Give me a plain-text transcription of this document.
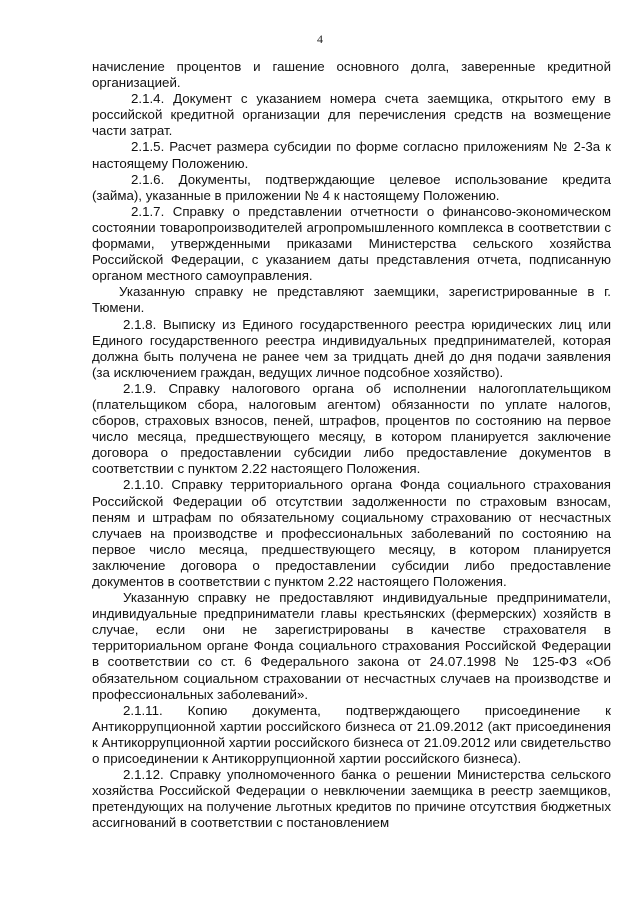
4

начисление процентов и гашение основного долга, заверенные кредитной организацией.

2.1.4. Документ с указанием номера счета заемщика, открытого ему в российской кредитной организации для перечисления средств на возмещение части затрат.

2.1.5. Расчет размера субсидии по форме согласно приложениям № 2-3а к настоящему Положению.

2.1.6. Документы, подтверждающие целевое использование кредита (займа), указанные в приложении № 4 к настоящему Положению.

2.1.7. Справку о представлении отчетности о финансово-экономическом состоянии товаропроизводителей агропромышленного комплекса в соответствии с формами, утвержденными приказами Министерства сельского хозяйства Российской Федерации, с указанием даты представления отчета, подписанную органом местного самоуправления.

Указанную справку не представляют заемщики, зарегистрированные в г. Тюмени.

2.1.8. Выписку из Единого государственного реестра юридических лиц или Единого государственного реестра индивидуальных предпринимателей, которая должна быть получена не ранее чем за тридцать дней до дня подачи заявления (за исключением граждан, ведущих личное подсобное хозяйство).

2.1.9. Справку налогового органа об исполнении налогоплательщиком (плательщиком сбора, налоговым агентом) обязанности по уплате налогов, сборов, страховых взносов, пеней, штрафов, процентов по состоянию на первое число месяца, предшествующего месяцу, в котором планируется заключение договора о предоставлении субсидии либо предоставление документов в соответствии с пунктом 2.22 настоящего Положения.

2.1.10. Справку территориального органа Фонда социального страхования Российской Федерации об отсутствии задолженности по страховым взносам, пеням и штрафам по обязательному социальному страхованию от несчастных случаев на производстве и профессиональных заболеваний по состоянию на первое число месяца, предшествующего месяцу, в котором планируется заключение договора о предоставлении субсидии либо предоставление документов в соответствии с пунктом 2.22 настоящего Положения.

Указанную справку не предоставляют индивидуальные предприниматели, индивидуальные предприниматели главы крестьянских (фермерских) хозяйств в случае, если они не зарегистрированы в качестве страхователя в территориальном органе Фонда социального страхования Российской Федерации в соответствии со ст. 6 Федерального закона от 24.07.1998 № 125-ФЗ «Об обязательном социальном страховании от несчастных случаев на производстве и профессиональных заболеваний».

2.1.11. Копию документа, подтверждающего присоединение к Антикоррупционной хартии российского бизнеса от 21.09.2012 (акт присоединения к Антикоррупционной хартии российского бизнеса от 21.09.2012 или свидетельство о присоединении к Антикоррупционной хартии российского бизнеса).

2.1.12. Справку уполномоченного банка о решении Министерства сельского хозяйства Российской Федерации о невключении заемщика в реестр заемщиков, претендующих на получение льготных кредитов по причине отсутствия бюджетных ассигнований в соответствии с постановлением
